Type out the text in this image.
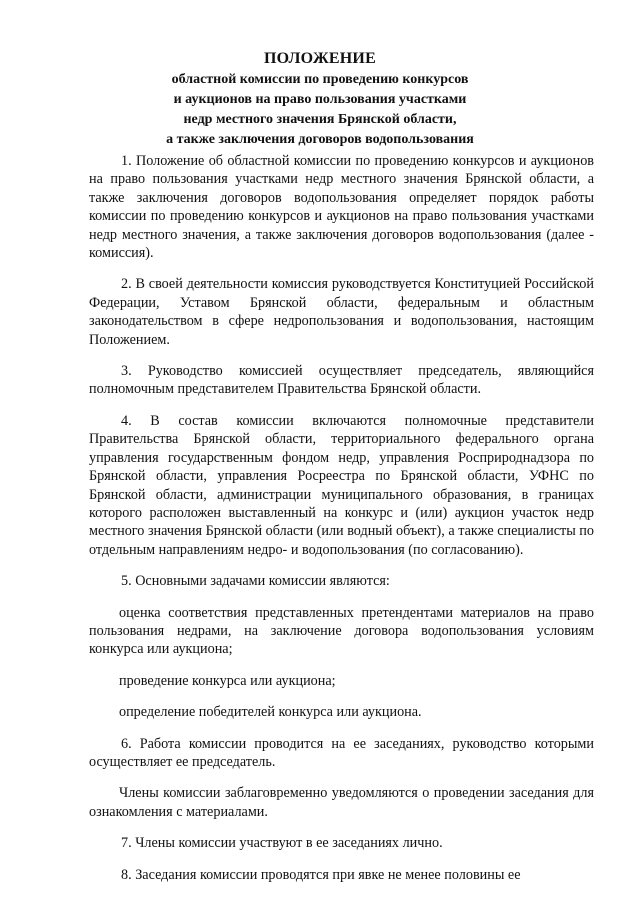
ПОЛОЖЕНИЕ
областной комиссии по проведению конкурсов
и аукционов на право пользования участками
недр местного значения Брянской области,
а также заключения договоров водопользования

1. Положение об областной комиссии по проведению конкурсов и аукционов на право пользования участками недр местного значения Брянской области, а также заключения договоров водопользования определяет порядок работы комиссии по проведению конкурсов и аукционов на право пользования участками недр местного значения, а также заключения договоров водопользования (далее - комиссия).

2. В своей деятельности комиссия руководствуется Конституцией Российской Федерации, Уставом Брянской области, федеральным и областным законодательством в сфере недропользования и водопользования, настоящим Положением.

3. Руководство комиссией осуществляет председатель, являющийся полномочным представителем Правительства Брянской области.

4. В состав комиссии включаются полномочные представители Правительства Брянской области, территориального федерального органа управления государственным фондом недр, управления Росприроднадзора по Брянской области, управления Росреестра по Брянской области, УФНС по Брянской области, администрации муниципального образования, в границах которого расположен выставленный на конкурс и (или) аукцион участок недр местного значения Брянской области (или водный объект), а также специалисты по отдельным направлениям недро- и водопользования (по согласованию).

5. Основными задачами комиссии являются:

оценка соответствия представленных претендентами материалов на право пользования недрами, на заключение договора водопользования условиям конкурса или аукциона;

проведение конкурса или аукциона;

определение победителей конкурса или аукциона.

6. Работа комиссии проводится на ее заседаниях, руководство которыми осуществляет ее председатель.

Члены комиссии заблаговременно уведомляются о проведении заседания для ознакомления с материалами.

7. Члены комиссии участвуют в ее заседаниях лично.

8. Заседания комиссии проводятся при явке не менее половины ее
